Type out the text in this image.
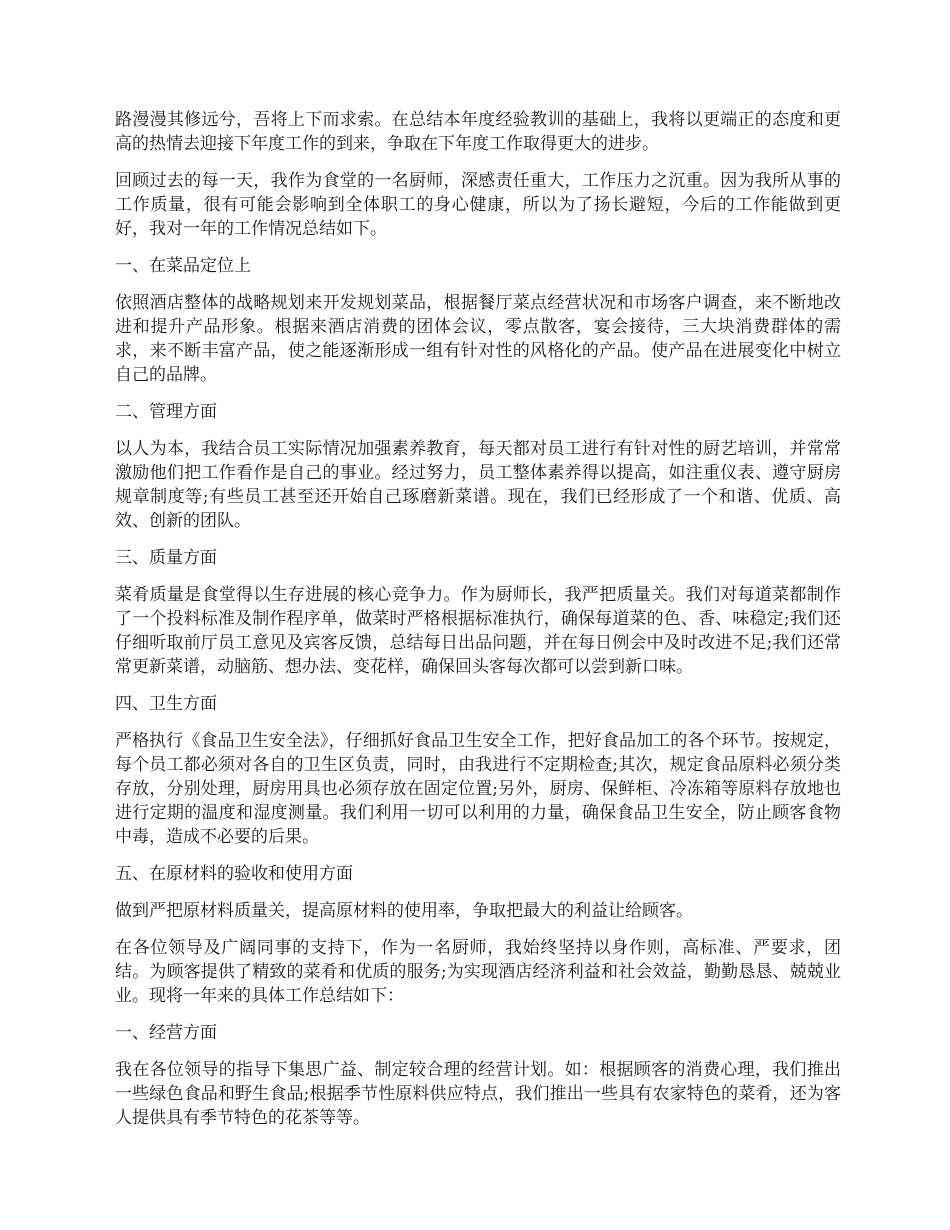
路漫漫其修远兮，吾将上下而求索。在总结本年度经验教训的基础上，我将以更端正的态度和更高的热情去迎接下年度工作的到来，争取在下年度工作取得更大的进步。

回顾过去的每一天，我作为食堂的一名厨师，深感责任重大，工作压力之沉重。因为我所从事的工作质量，很有可能会影响到全体职工的身心健康，所以为了扬长避短，今后的工作能做到更好，我对一年的工作情况总结如下。

一、在菜品定位上

依照酒店整体的战略规划来开发规划菜品，根据餐厅菜点经营状况和市场客户调查，来不断地改进和提升产品形象。根据来酒店消费的团体会议，零点散客，宴会接待，三大块消费群体的需求，来不断丰富产品，使之能逐渐形成一组有针对性的风格化的产品。使产品在进展变化中树立自己的品牌。

二、管理方面

以人为本，我结合员工实际情况加强素养教育，每天都对员工进行有针对性的厨艺培训，并常常激励他们把工作看作是自己的事业。经过努力，员工整体素养得以提高，如注重仪表、遵守厨房规章制度等;有些员工甚至还开始自己琢磨新菜谱。现在，我们已经形成了一个和谐、优质、高效、创新的团队。

三、质量方面

菜肴质量是食堂得以生存进展的核心竞争力。作为厨师长，我严把质量关。我们对每道菜都制作了一个投料标准及制作程序单，做菜时严格根据标准执行，确保每道菜的色、香、味稳定;我们还仔细听取前厅员工意见及宾客反馈，总结每日出品问题，并在每日例会中及时改进不足;我们还常常更新菜谱，动脑筋、想办法、变花样，确保回头客每次都可以尝到新口味。

四、卫生方面

严格执行《食品卫生安全法》，仔细抓好食品卫生安全工作，把好食品加工的各个环节。按规定，每个员工都必须对各自的卫生区负责，同时，由我进行不定期检查;其次，规定食品原料必须分类存放，分别处理，厨房用具也必须存放在固定位置;另外，厨房、保鲜柜、冷冻箱等原料存放地也进行定期的温度和湿度测量。我们利用一切可以利用的力量，确保食品卫生安全，防止顾客食物中毒，造成不必要的后果。

五、在原材料的验收和使用方面

做到严把原材料质量关，提高原材料的使用率，争取把最大的利益让给顾客。

在各位领导及广阔同事的支持下，作为一名厨师，我始终坚持以身作则，高标准、严要求，团结。为顾客提供了精致的菜肴和优质的服务;为实现酒店经济利益和社会效益，勤勤恳恳、兢兢业业。现将一年来的具体工作总结如下：

一、经营方面

我在各位领导的指导下集思广益、制定较合理的经营计划。如：根据顾客的消费心理，我们推出一些绿色食品和野生食品;根据季节性原料供应特点，我们推出一些具有农家特色的菜肴，还为客人提供具有季节特色的花茶等等。
